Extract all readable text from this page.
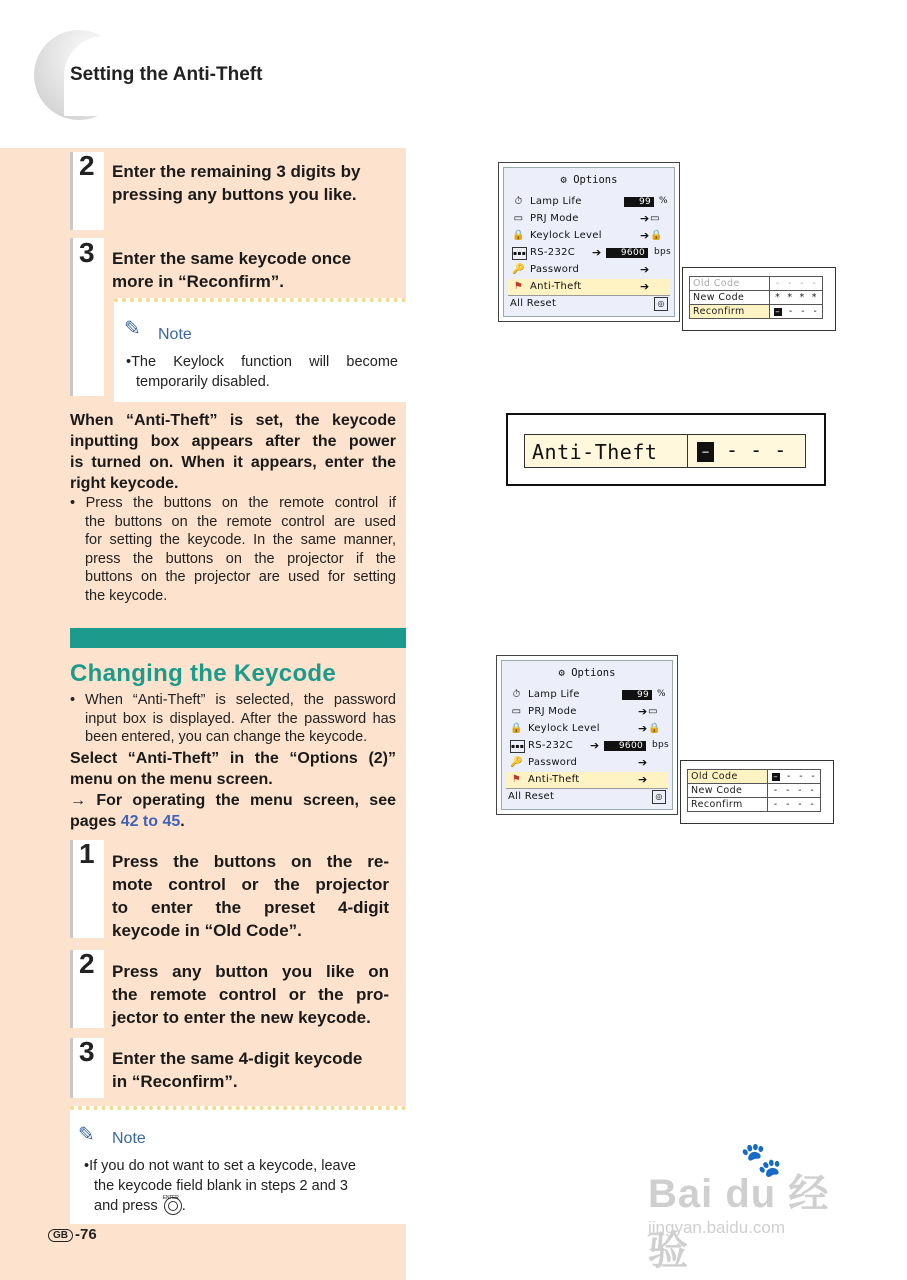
Setting the Anti-Theft
2 Enter the remaining 3 digits by
pressing any buttons you like.
3 Enter the same keycode once
more in “Reconfirm”.
✎ Note
•The Keylock function will become
temporarily disabled.
When “Anti-Theft” is set, the keycode
inputting box appears after the power
is turned on. When it appears, enter the
right keycode.
• Press the buttons on the remote control if
the buttons on the remote control are used
for setting the keycode. In the same manner,
press the buttons on the projector if the
buttons on the projector are used for setting
the keycode.
Changing the Keycode
• When “Anti-Theft” is selected, the password
input box is displayed. After the password has
been entered, you can change the keycode.
Select “Anti-Theft” in the “Options (2)”
menu on the menu screen.
→ For operating the menu screen, see
pages 42 to 45.
1 Press the buttons on the re-
mote control or the projector
to enter the preset 4-digit
keycode in “Old Code”.
2 Press any button you like on
the remote control or the pro-
jector to enter the new keycode.
3 Enter the same 4-digit keycode
in “Reconfirm”.
✎ Note
•If you do not want to set a keycode, leave
the keycode field blank in steps 2 and 3
and press ENTER .
GB -76
⚙ Options
⏱ Lamp Life	99 %
▭ PRJ Mode	➔ ▭
🔒 Keylock Level	➔ 🔒
▪▪▪ RS-232C ➔	9600	bps
🔑 Password	➔
⚑ Anti-Theft	➔
All Reset	◎
Old Code	- - - -
New Code	* * * *
Reconfirm	− - - -
Anti-Theft	− - - -
⚙ Options
⏱ Lamp Life	99 %
▭ PRJ Mode	➔ ▭
🔒 Keylock Level	➔ 🔒
▪▪▪ RS-232C ➔	9600	bps
🔑 Password	➔
⚑ Anti-Theft	➔
All Reset	◎
Old Code	− - - -
New Code	- - - -
Reconfirm	- - - -
🐾
Bai du 经验
jingyan.baidu.com
